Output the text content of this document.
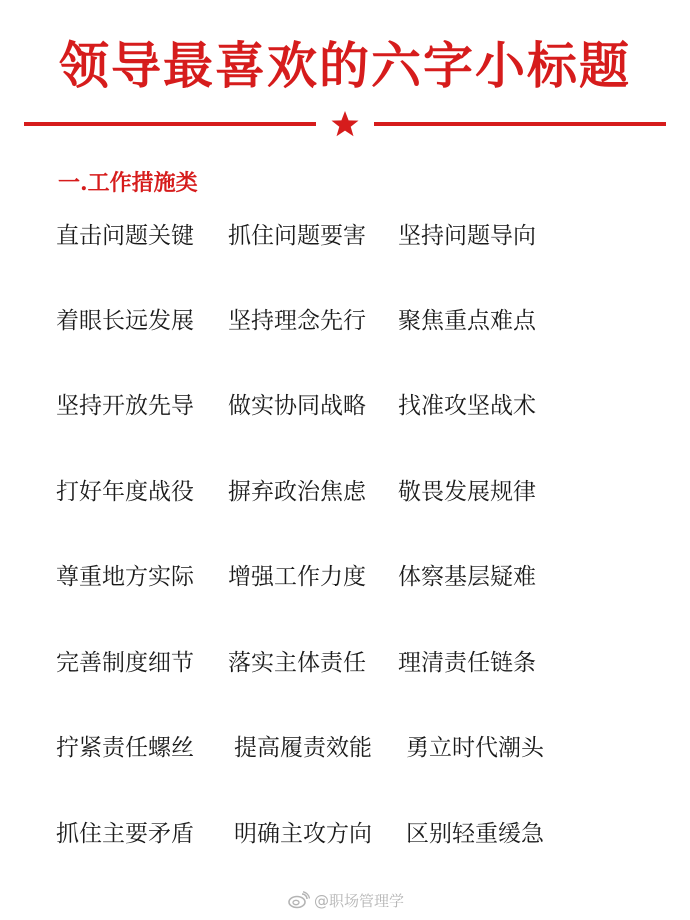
领导最喜欢的六字小标题
一.工作措施类
直击问题关键 抓住问题要害 坚持问题导向
着眼长远发展 坚持理念先行 聚焦重点难点
坚持开放先导 做实协同战略 找准攻坚战术
打好年度战役 摒弃政治焦虑 敬畏发展规律
尊重地方实际 增强工作力度 体察基层疑难
完善制度细节 落实主体责任 理清责任链条
拧紧责任螺丝 提高履责效能 勇立时代潮头
抓住主要矛盾 明确主攻方向 区别轻重缓急
@职场管理学
